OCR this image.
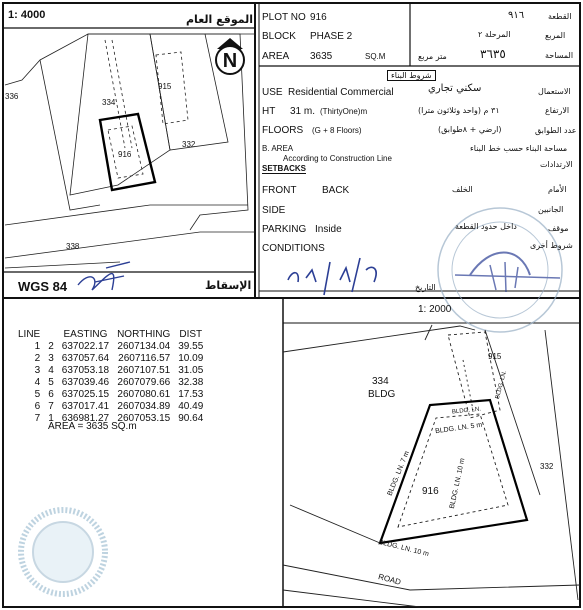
N
1: 4000	الموقع العام
334
915
916
332
338
336
WGS 84	الإسقاط
PLOT NO 916	٩١٦	القطعة
BLOCK PHASE 2	المرحلة ٢	المربع
AREA 3635	SQ.M	متر مربع	٣٦٣٥	المساحة
شروط البناء
USE Residential Commercial	سكني تجاري	الاستعمال
HT 31 m. (ThirtyOne)m	٣١ م (واحد وثلاثون مترا)	الارتفاع
FLOORS (G + 8 Floors)	(ارضي + ٨طوابق)	عدد الطوابق
B. AREA
According to Construction Line
مساحة البناء حسب خط البناء
SETBACKS	الارتدادات
FRONT	BACK	الخلف	الأمام
SIDE	الجانبين
PARKING Inside	داخل حدود القطعة	موقف
CONDITIONS	شروط أخرى
التاريخ
LINE		EASTING	NORTHING	DIST
1	2	637022.17	2607134.04	39.55
2	3	637057.64	2607116.57	10.09
3	4	637053.18	2607107.51	31.05
4	5	637039.46	2607079.66	32.38
5	6	637025.15	2607080.61	17.53
6	7	637017.41	2607034.89	40.49
7	1	636981.27	2607053.15	90.64
AREA = 3635 SQ.m
1: 2000
334
BLDG
915
916
332
ROAD
BLDG. LN. 5 m
BLDG. LN. 7 m	BLDG. LN. 10 m
BLDG. LN. 10 m
BLDG. LN.
BLDG. LN.
